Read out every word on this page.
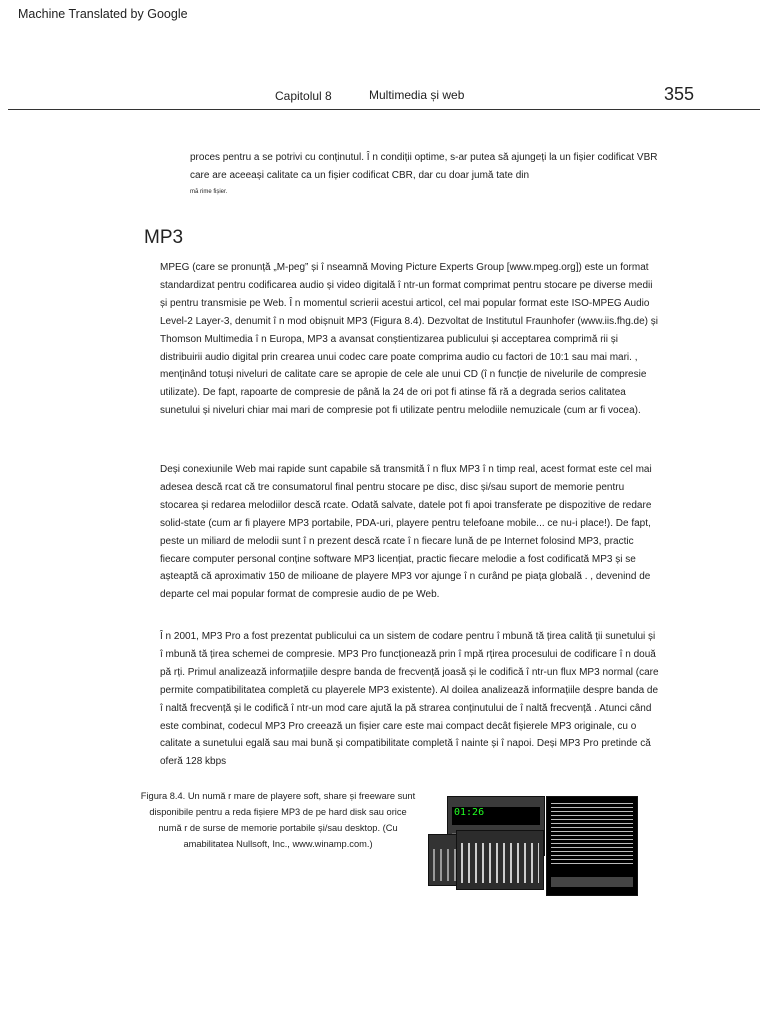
Machine Translated by Google
Capitolul 8	Multimedia și web	355
proces pentru a se potrivi cu conținutul. Î n condiții optime, s-ar putea să ajungeți la un fișier codificat VBR care are aceeași calitate ca un fișier codificat CBR, dar cu doar jumă tate din
mă rime fișier.
MP3

MPEG (care se pronunță „M-peg” și î nseamnă Moving Picture Experts Group [www.mpeg.org]) este un format standardizat pentru codificarea audio și video digitală î ntr-un format comprimat pentru stocare pe diverse medii și pentru transmisie pe Web. Î n momentul scrierii acestui articol, cel mai popular format este ISO-MPEG Audio Level-2 Layer-3, denumit î n mod obișnuit MP3 (Figura 8.4). Dezvoltat de Institutul Fraunhofer (www.iis.fhg.de) și Thomson Multimedia î n Europa, MP3 a avansat conștientizarea publicului și acceptarea comprimă rii și distribuirii audio digital prin crearea unui codec care poate comprima audio cu factori de 10:1 sau mai mari. , menținând totuși niveluri de calitate care se apropie de cele ale unui CD (î n funcție de nivelurile de compresie utilizate). De fapt, rapoarte de compresie de până la 24 de ori pot fi atinse fă ră a degrada serios calitatea sunetului și niveluri chiar mai mari de compresie pot fi utilizate pentru melodiile nemuzicale (cum ar fi vocea).

Deși conexiunile Web mai rapide sunt capabile să transmită î n flux MP3 î n timp real, acest format este cel mai adesea descă rcat că tre consumatorul final pentru stocare pe disc, disc și/sau suport de memorie pentru stocarea și redarea melodiilor descă rcate. Odată salvate, datele pot fi apoi transferate pe dispozitive de redare solid-state (cum ar fi playere MP3 portabile, PDA-uri, playere pentru telefoane mobile... ce nu-i place!). De fapt, peste un miliard de melodii sunt î n prezent descă rcate î n fiecare lună de pe Internet folosind MP3, practic fiecare computer personal conține software MP3 licențiat, practic fiecare melodie a fost codificată MP3 și se așteaptă că aproximativ 150 de milioane de playere MP3 vor ajunge î n curând pe piața globală . , devenind de departe cel mai popular format de compresie audio de pe Web.

Î n 2001, MP3 Pro a fost prezentat publicului ca un sistem de codare pentru î mbună tă țirea calită ții sunetului și î mbună tă țirea schemei de compresie. MP3 Pro funcționează prin î mpă rțirea procesului de codificare î n două pă rți. Primul analizează informațiile despre banda de frecvență joasă și le codifică î ntr-un flux MP3 normal (care permite compatibilitatea completă cu playerele MP3 existente). Al doilea analizează informațiile despre banda de î naltă frecvență și le codifică î ntr-un mod care ajută la pă strarea conținutului de î naltă frecvență . Atunci când este combinat, codecul MP3 Pro creează un fișier care este mai compact decât fișierele MP3 originale, cu o calitate a sunetului egală sau mai bună și compatibilitate completă î nainte și î napoi. Deși MP3 Pro pretinde că oferă 128 kbps

Figura 8.4. Un numă r mare de playere soft, share și freeware sunt disponibile pentru a reda fișiere MP3 de pe hard disk sau orice numă r de surse de memorie portabile și/sau desktop. (Cu amabilitatea Nullsoft, Inc., www.winamp.com.)
01:26
